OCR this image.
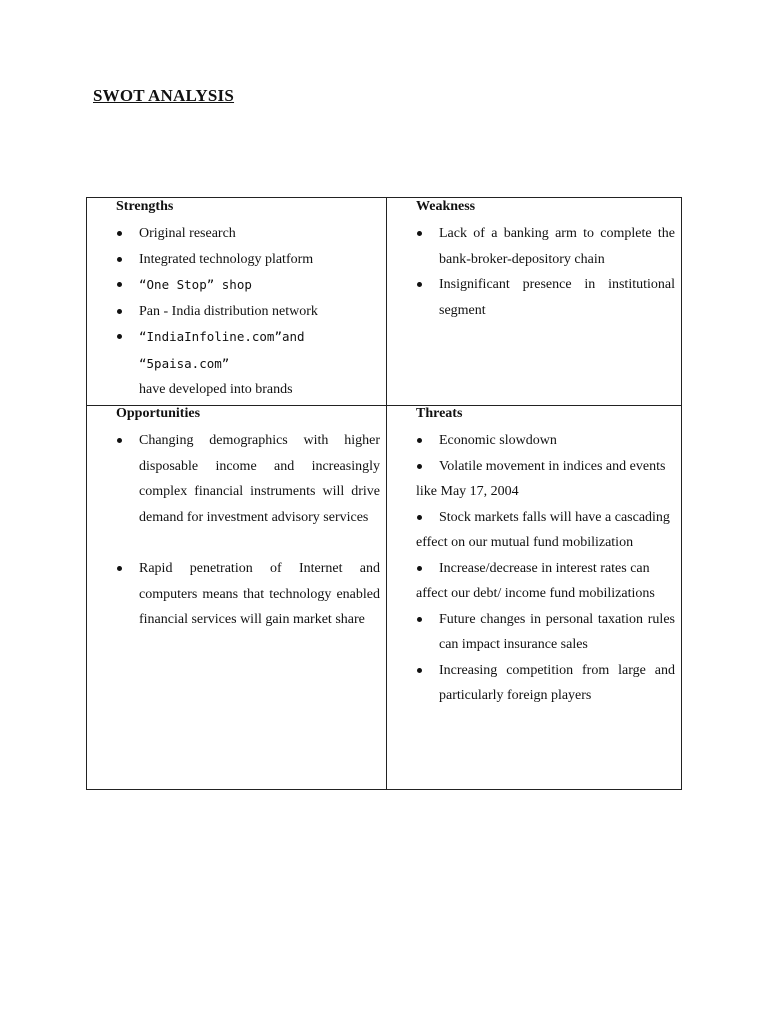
SWOT ANALYSIS
Strengths
Original research
Integrated technology platform
“One Stop” shop
Pan - India distribution network
“IndiaInfoline.com”and “5paisa.com”
have developed into brands
Weakness
Lack of a banking arm to complete the bank-broker-depository chain
Insignificant presence in institutional segment
Opportunities
Changing demographics with higher disposable income and increasingly complex financial instruments will drive demand for investment advisory services
Rapid penetration of Internet and computers means that technology enabled financial services will gain market share
Threats
Economic slowdown
Volatile movement in indices and events like May 17, 2004
Stock markets falls will have a cascading effect on our mutual fund mobilization
Increase/decrease in interest rates can affect our debt/ income fund mobilizations
Future changes in personal taxation rules can impact insurance sales
Increasing competition from large and particularly foreign players
